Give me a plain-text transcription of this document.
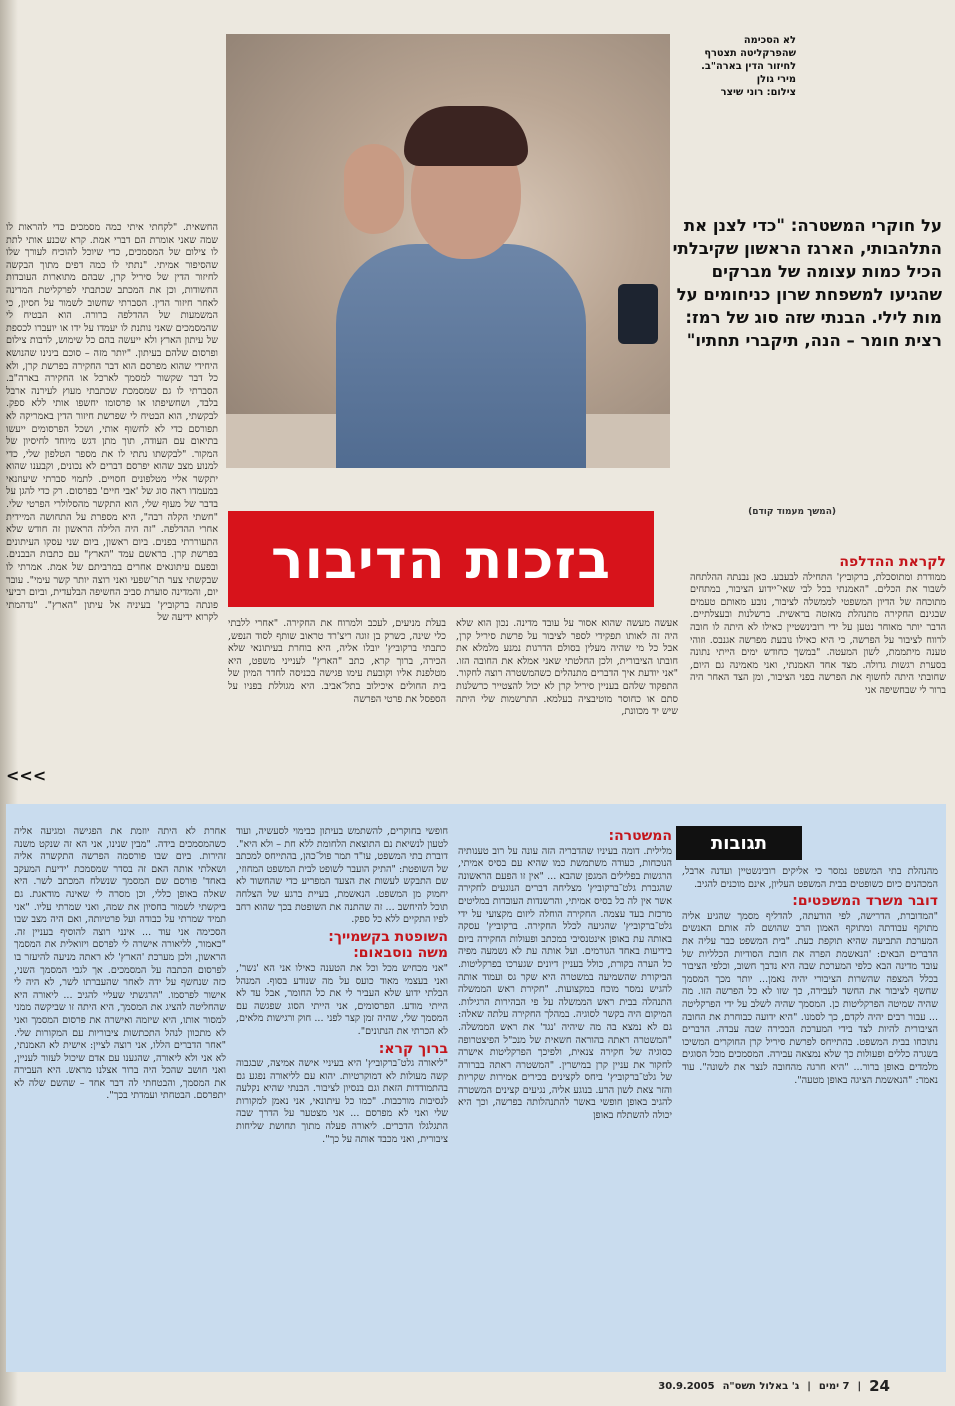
לא הסכימה
שהפרקליטה תצטרף
לחיזור הדין בארה"ב.
מירי גולן
צילום: רוני שיצר
על חוקרי המשטרה: "כדי לצנן את התלהבותי, הארגז הראשון שקיבלתי הכיל כמות עצומה של מברקים שהגיעו למשפחת שרון כניחומים על מות לילי. הבנתי שזה סוג של רמז: רצית חומר – הנה, תיקברי תחתיו"
החשאית. "לקחתי איתי כמה מסמכים כדי להראות לו שמה שאני אומרת הם דברי אמת. קרא שכנע אותי לתת לו צילום של המסמכים, כדי שיוכל להוכיח לעורך שלו שהסיפור אמיתי. "נתתי לו כמה דפים מתוך הבקשה לחיזור הדין של סיריל קרן, שבהם מתוארות העובדות החשודות, וכן את המכתב שכתבתי לפרקליטת המדינה לאחר חיזור הדין. הסברתי שחשוב לשמור על חסיון, כי המשמעות של ההדלפה ברורה. הוא הבטיח לי שהמסמכים שאני נותנת לו יעמדו על ידו או יועברו לכספת של עיתון הארץ ולא ייעשה בהם כל שימוש, לרבות צילום ופרסום שלהם בעיתון. "יותר מזה – סוכם בינינו שהנושא היחידי שהוא מפרסם הוא דבר החקירה בפרשת קרן, ולא כל דבר שקשור למסמך לארכל או החקירה בארה"ב. הסברתי לו גם שמסמכת שכתבתי מעוץ לעירנה ארבל בלבד, ושחשיפתו או פרסומו יחשפו אותי ללא ספק. לבקשתי, הוא הבטיח לי שפרשת חיזור הדין באמריקה לא תפורסם כדי לא לחשוף אותי, ושכל הפרסומים ייעשו בתיאום עם העודה, תוך מתן דגש מיוחד לחיסיון של המקור. "לבקשתו נתתי לו את מספר הטלפון שלי, כדי למנוע מצב שהוא יפרסם דברים לא נכונים, וקבענו שהוא יתקשר אליי מטלפונים חסויים. לתמוי סברתי שיעוזנאי במעמדו ראה סוג של 'אבי חיים' בפרסום. רק כדי להגן על בדבר של מעוף שלי, הוא התקשר מהסלולרי הפרטי שלי. "חשתי הקלה רבה", היא מספרת על התחושה המיידית אחרי ההדלפה. "זה היה הלילה הראשון זה חודש שלא התעוררתי בפנים. ביום ראשון, ביום שני עסקו העיתונים בפרשת קרן. בראשם עמד "הארץ" עם כתבות הבבנים. ובפעם עיתונאים אחרים במרביתם של אמת. אמרתי לו שבקשתי צער תר־שפעי ואני רוצה יותר קשר עימי". עובר יום, והמדינה סוערת סביב החשיפה הבלעדית, וביום רביעי פונתה ברקוביץ' בעיניה אל עיתון "הארץ". "נדהמתי לקרוא ידיעה של
(המשך מעמוד קודם)
בזכות הדיבור	לקראת ההדלפה

ממודרת ומתוסכלת, ברקוביץ' התחילה לבעבע. כאן נבנתה ההלתחה לשבור את הכלים. "האמנתי בכל לבי שאי־יידוע הציבור, במתחים מתוכחה של הדיון המשפטי לממשלה לציבור, נובע מאותם טעמים שבגינם החקירה מתנהלת מאזטה בראשית. ברשלנות ובעצלתיים. הדבר יותר מאוחר נטען על ידי רובינשטיין כאילו לא היתה לו חובה לרווח לציבור על הפרשה, כי היא כאילו נובעת מפרשה אגנבס. וזוהי טענה מיתממת, לשון המעטה. "במשך כחודש ימים הייתי נתונה בסערת רגשות גדולה. מצד אחד האמנתי, ואני מאמינה גם היום, שחובתי היתה לחשוף את הפרשה בפני הציבור, ומן הצד האחר היה ברור לי שבחשיפה אני

אעשה מעשה שהוא אסור על עובד מדינה. נכון הוא שלא היה זה לאותו תפקידי לספר לציבור על פרשת סיריל קרן, אבל כל מי שהיה מעלין בסולם הדרגות נמנע מלמלא את חובתו הציבורית, ולכן החלטתי שאני אמלא את החובה הזו. "אני יודעת איך הדברים מתנהלים כשהמשטרה רוצה לחקור. התפקוד שלהם בעניין סיריל קרן לא יכול להצטייר כרשלנות סתם או כחוסר מוטיבציה בעלמא. התרשמות שלי היתה שיש יד מכוונת,
בעלת מניעים, לעכב ולמרוח את החקירה. "אחרי ללבתי כלי שינה, כשרק בן זוגה ריצ'רד טראוב שותף לסוד הנפש, כתבתי ברקוביץ' יובלו אליה, היא בוחרת בעיתונאי שלא הכירה, ברוך קרא, כתב "הארץ" לענייני משפט, היא מטלפנת אליו וקובעת עימו פגישה בכניסה לחדר המיון של בית החולים איכילוב בתל־אביב. היא מגוללת בפניו על הספסל את פרטי הפרשה
<<<
תגובות

מהנהלת בתי המשפט נמסר כי אליקים רובינשטיין ועדנה ארבל, המכהנים כיום כשופטים בבית המשפט העליון, אינם מוכנים להגיב.

דובר משרד המשפטים:

"המדוברת, הדרישה, לפי הודעתה, להדליף מסמך שהגיע אליה מתוקף עבודתה ומתוקף האמון הרב שהושם לה אותם האנשים המערכת התביעה שהיא תוקפת כעת. "בית המשפט כבר עליה את הדברים הבאים: 'הנאשמת הפרה את חובת הסודיות הכלליות של עובד מדינה הבא כלפי המערכת שבה היא נדבך חשוב, וכלפי הציבור בכלל המצפה שהשרות הציבורי יהיה נאמן... יותר מכך המסמך שחשף לציבור את החשד לעבירה, כך שזו לא כל הפרשה הזו. מה שהיה שמיטה הפרקליטות כן. המסמך שהיה לשלב על ידי הפרקליטה ... עבור רבים יהיה לקדם, כך לסמנו. "היא ידועה כבוחרת את החובה הציבורית להיות לצד בידי המערכת הבכירה שבה עבדה. הדברים נתוכחו בבית המשפט. בהתייחס לפרשת סיריל קרן החוקרים המשיכו בשגרה כללים ופעולות כך שלא נמצאה עבירה. המסמכים מכל הסוגים מלמדים באופן ברור... "היא חרגה מהחובה לנצר את לשונה". עוד נאמר: "הנאשמת הציגה באופן מטעה".

המשטרה:

מלילית. דומה בעיניו שהדבריה הזה עונה על רוב טענותיה הנוכחות, כעודה משתמשת כמו שהיא עם בסיס אמיתי, הרגשות בפלילים המגפן שהבא ... "אין זו הפעם הראשונה שהגברת גלט־ברקוביץ' מצליחה דברים הנוגעים לחקירה אשר אין לה כל בסיס אמיתי, והרשנדות העובדות במליטים מרכזת בעד עצמה. החקירה הוחלה ליזום מקצועי על ידי גלט־ברקוביץ' שהגיעה לכלל החקירה. ברקוביץ' עסקה באותה עת באופן אינטנסיבי במכתב ופעולות החקירה ביום בידיעות באחד הגורמים. ועל אותה עת לא נשמעה מפיה כל הערה בקורת, כולל בעניין דיונים שגערכו בפרקליטות. הביקורת שהשמיעה במשטרה היא שקר גס ועמוד אותה להגיש נמסר מוכח במקצועות. "חקירת ראש הממשלה התנהלה בבית ראש הממשלה על פי הבהירות הרגילות. המיקום היה בקשר לסוגיה. במהלך החקירה עלתה שאלה: גם לא נמצא בה מה שיהיה 'נגד' את ראש הממשלה. "המשטרה ראתה בהוראה חשאית של מנכ"ל הפיצטרופה כסוגיה של חקירה צנאית, ולפיכך הפרקליטות אישרה לחקור את עניין קרן במישרין. "המשטרה ראתה בברורה של גלט־ברקוביץ' ביחס לקצינים בכירים אמירות שקריות והזר צאת לשון הרע. בנוגע אליה, נגיעים קצינים המשטרה להגיב באופן חופשי באשר להתנהלותה בפרשה, וכך היא יכולה להשתלח באופן

חופשי בחוקרים, להשתמש בעיתון כבימוי לסעשיה, ועוד לטעון לנשיאת נם התוצאת הלחומת ללא חת – ולא היא". דוברת בתי המשפט, עו"ד תמר פול־כהן, בהתייחס למכתב של השופטת: "התיק הועבר לשופט לבית המשפט המחוזי, שם התבקש לעשות את הצעד המפריע כדי שהחשוד לא יחמוק מן המשפט. הנאשמת, בעיית ברגע של הצלחה תוכל להיחשב ... זה שהתנה את השופטת בכך שהוא רחב לפיו התקיים ללא כל ספק.

השופטת בקשמייך:
משה נוסבאום:

"אני מכחיש מכל וכל את הטענה כאילו אני הא 'נשר', ואני בעצמי מאוד כועס על מה שנודע בסוף. המנהל הבלתי ידוע שלא העביר לי את כל החומר, אבל עד לא הייתי מודע. הפרסומים, אני הייתי הסוג שפגשה עם המסמך שלי, שהיה זמן קצר לפני ... חוק ורגישות מלאים, לא הכרתי את הנתונים".

ברוך קרא:

"ליאורה גלט־ברקוביץ' היא בעיניי אישה אמיצה, שבגבוה קשה מעולות לא דמוקרטיות. יהוא עם לליאורה נפגע גם בהתמודדות הזאת וגם בנסיון לציבור. הבנתי שהיא נקלעה לנסיבות מורכבות. "כמו כל עיתונאי, אני נאמן למקורות שלי ואני לא מפרסם ... אני מצטער על הדרך שבה התגלגלו הדברים. ליאורה פעלה מתוך תחושת שליחות ציבורית, ואני מכבד אותה על כך".

אחרת לא היתה יוזמת את הפגישה ומגיעה אליה כשהמסמכים בידה. "מבין שנינו, אני הא זה שנקט משנה זהירות. ביום שבו פורסמה הפרשה התקשרה אליה ושאלתי אותה האם זה בסדר שמסמכת 'ידיעת המעקב באחד' פורסם שם המסמך שנשלח המכתב לשר. היא שאלה באופן כללי, וכן מסרה לי שאינה מודאגת. גם ביקשתי לשמור בחסיון את שמה, ואני שמרתי עליו. "אני תמיד שמרתי על כבודה ועל פרטיותה, ואם היה מצב שבו הסכימה אני עוד ... אינני רוצה להוסיף בעניין זה. "כאמור, לליאורה אישרה לי לפרסם ויזואלית את המסמך הראשון, ולכן מערכת 'הארץ' לא ראתה מניעה להיעזר בו לפרסום הכתבה על המסמכים. אך לגבי המסמך השני, כזה שנחשף על ידה לאחר שהעברתו לשר, לא היה לי אישור לפרסמו. "הרגשתי שעליי להגיב ... ליאורה היא שהחליטה להציג את המסמך, היא היתה זו שביקשה ממני למסור אותו, היא שיזמה ואישרה את פרסום המסמך ואני לא מתכוון לנהל התכתשות ציבוריות עם המקורות שלי. "אחר הדברים הללו, אני רוצה לציין: אישית לא האמנתי, לא אני ולא ליאורה, שהגענו עם אדם שיכול לעזור לעניין, ואני חושב שהכל היה ברור אצלנו מראש. היא העבירה את המסמך, והבטחתי לה דבר אחד – שהשם שלה לא יתפרסם. הבטחתי ועמדתי בכך".
24
|
7 ימים
|
ג' באלול תשס"ה
30.9.2005
